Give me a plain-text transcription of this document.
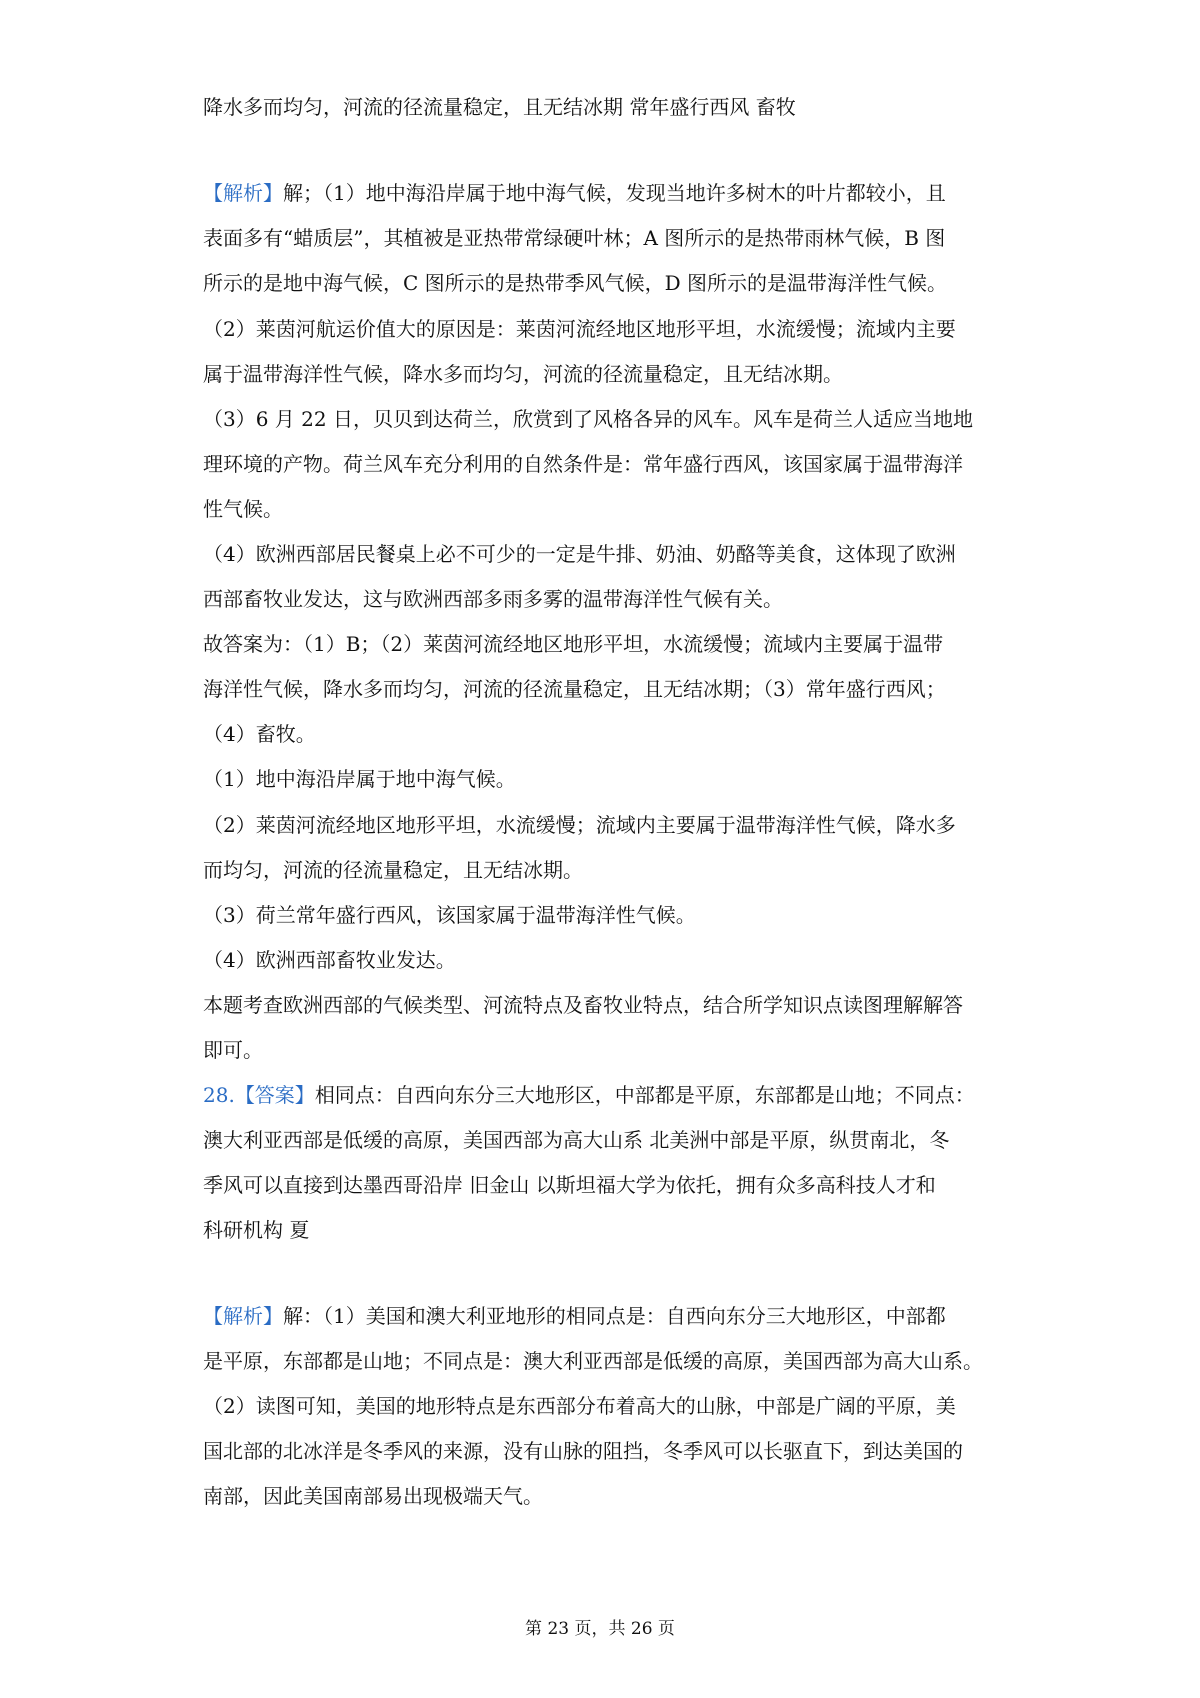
降水多而均匀，河流的径流量稳定，且无结冰期 常年盛行西风 畜牧
【解析】解；（1）地中海沿岸属于地中海气候，发现当地许多树木的叶片都较小，且
表面多有“蜡质层”，其植被是亚热带常绿硬叶林；A 图所示的是热带雨林气候，B 图
所示的是地中海气候，C 图所示的是热带季风气候，D 图所示的是温带海洋性气候。
（2）莱茵河航运价值大的原因是：莱茵河流经地区地形平坦，水流缓慢；流域内主要
属于温带海洋性气候，降水多而均匀，河流的径流量稳定，且无结冰期。
（3）6 月 22 日，贝贝到达荷兰，欣赏到了风格各异的风车。风车是荷兰人适应当地地
理环境的产物。荷兰风车充分利用的自然条件是：常年盛行西风，该国家属于温带海洋
性气候。
（4）欧洲西部居民餐桌上必不可少的一定是牛排、奶油、奶酪等美食，这体现了欧洲
西部畜牧业发达，这与欧洲西部多雨多雾的温带海洋性气候有关。
故答案为：（1）B；（2）莱茵河流经地区地形平坦，水流缓慢；流域内主要属于温带
海洋性气候，降水多而均匀，河流的径流量稳定，且无结冰期；（3）常年盛行西风；
（4）畜牧。
（1）地中海沿岸属于地中海气候。
（2）莱茵河流经地区地形平坦，水流缓慢；流域内主要属于温带海洋性气候，降水多
而均匀，河流的径流量稳定，且无结冰期。
（3）荷兰常年盛行西风，该国家属于温带海洋性气候。
（4）欧洲西部畜牧业发达。
本题考查欧洲西部的气候类型、河流特点及畜牧业特点，结合所学知识点读图理解解答
即可。
28.【答案】相同点：自西向东分三大地形区，中部都是平原，东部都是山地；不同点：
澳大利亚西部是低缓的高原，美国西部为高大山系 北美洲中部是平原，纵贯南北，冬
季风可以直接到达墨西哥沿岸 旧金山 以斯坦福大学为依托，拥有众多高科技人才和
科研机构 夏
【解析】解：（1）美国和澳大利亚地形的相同点是：自西向东分三大地形区，中部都
是平原，东部都是山地；不同点是：澳大利亚西部是低缓的高原，美国西部为高大山系。
（2）读图可知，美国的地形特点是东西部分布着高大的山脉，中部是广阔的平原，美
国北部的北冰洋是冬季风的来源，没有山脉的阻挡，冬季风可以长驱直下，到达美国的
南部，因此美国南部易出现极端天气。
第 23 页，共 26 页
